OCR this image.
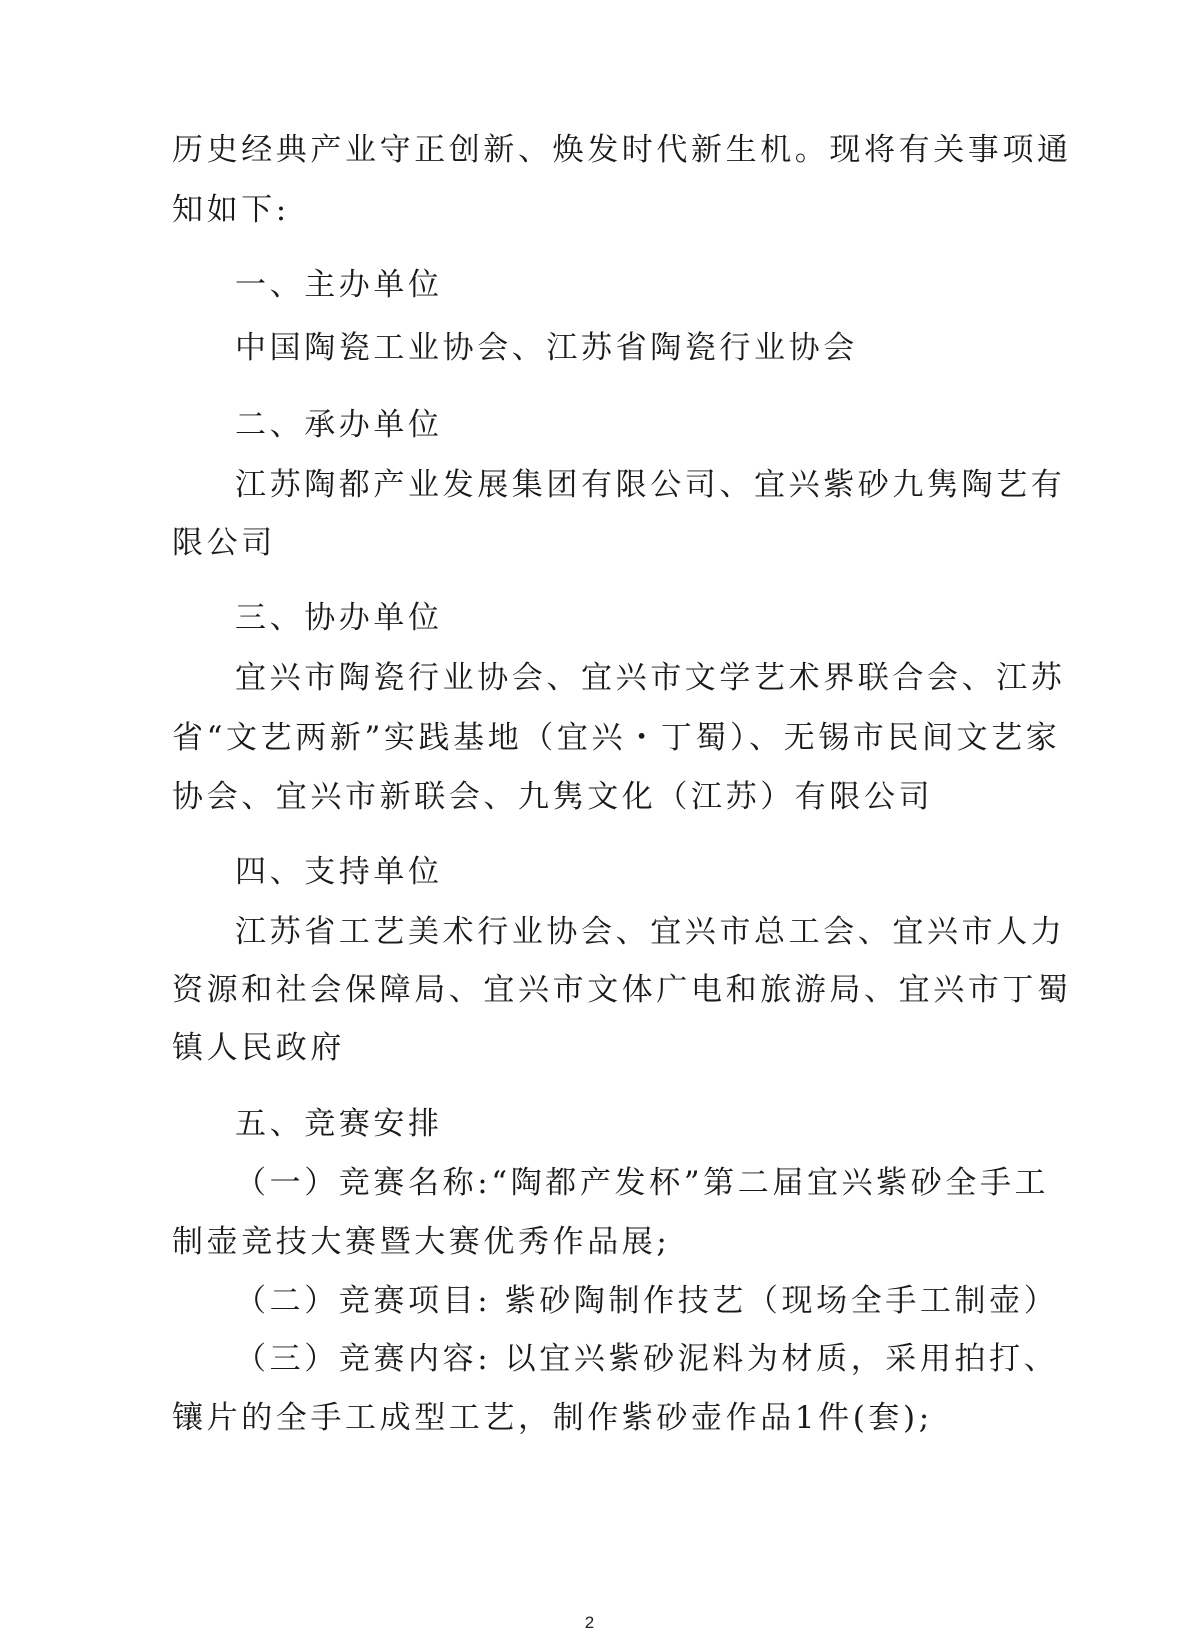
历史经典产业守正创新、焕发时代新生机。现将有关事项通
知如下:
一、主办单位
中国陶瓷工业协会、江苏省陶瓷行业协会
二、承办单位
江苏陶都产业发展集团有限公司、宜兴紫砂九隽陶艺有
限公司
三、协办单位
宜兴市陶瓷行业协会、宜兴市文学艺术界联合会、江苏
省“文艺两新”实践基地（宜兴・丁蜀）、无锡市民间文艺家
协会、宜兴市新联会、九隽文化（江苏）有限公司
四、支持单位
江苏省工艺美术行业协会、宜兴市总工会、宜兴市人力
资源和社会保障局、宜兴市文体广电和旅游局、宜兴市丁蜀
镇人民政府
五、竞赛安排
（一）竞赛名称:“陶都产发杯”第二届宜兴紫砂全手工
制壶竞技大赛暨大赛优秀作品展;
（二）竞赛项目: 紫砂陶制作技艺（现场全手工制壶）
（三）竞赛内容: 以宜兴紫砂泥料为材质，采用拍打、
镶片的全手工成型工艺，制作紫砂壶作品1件(套);
2
